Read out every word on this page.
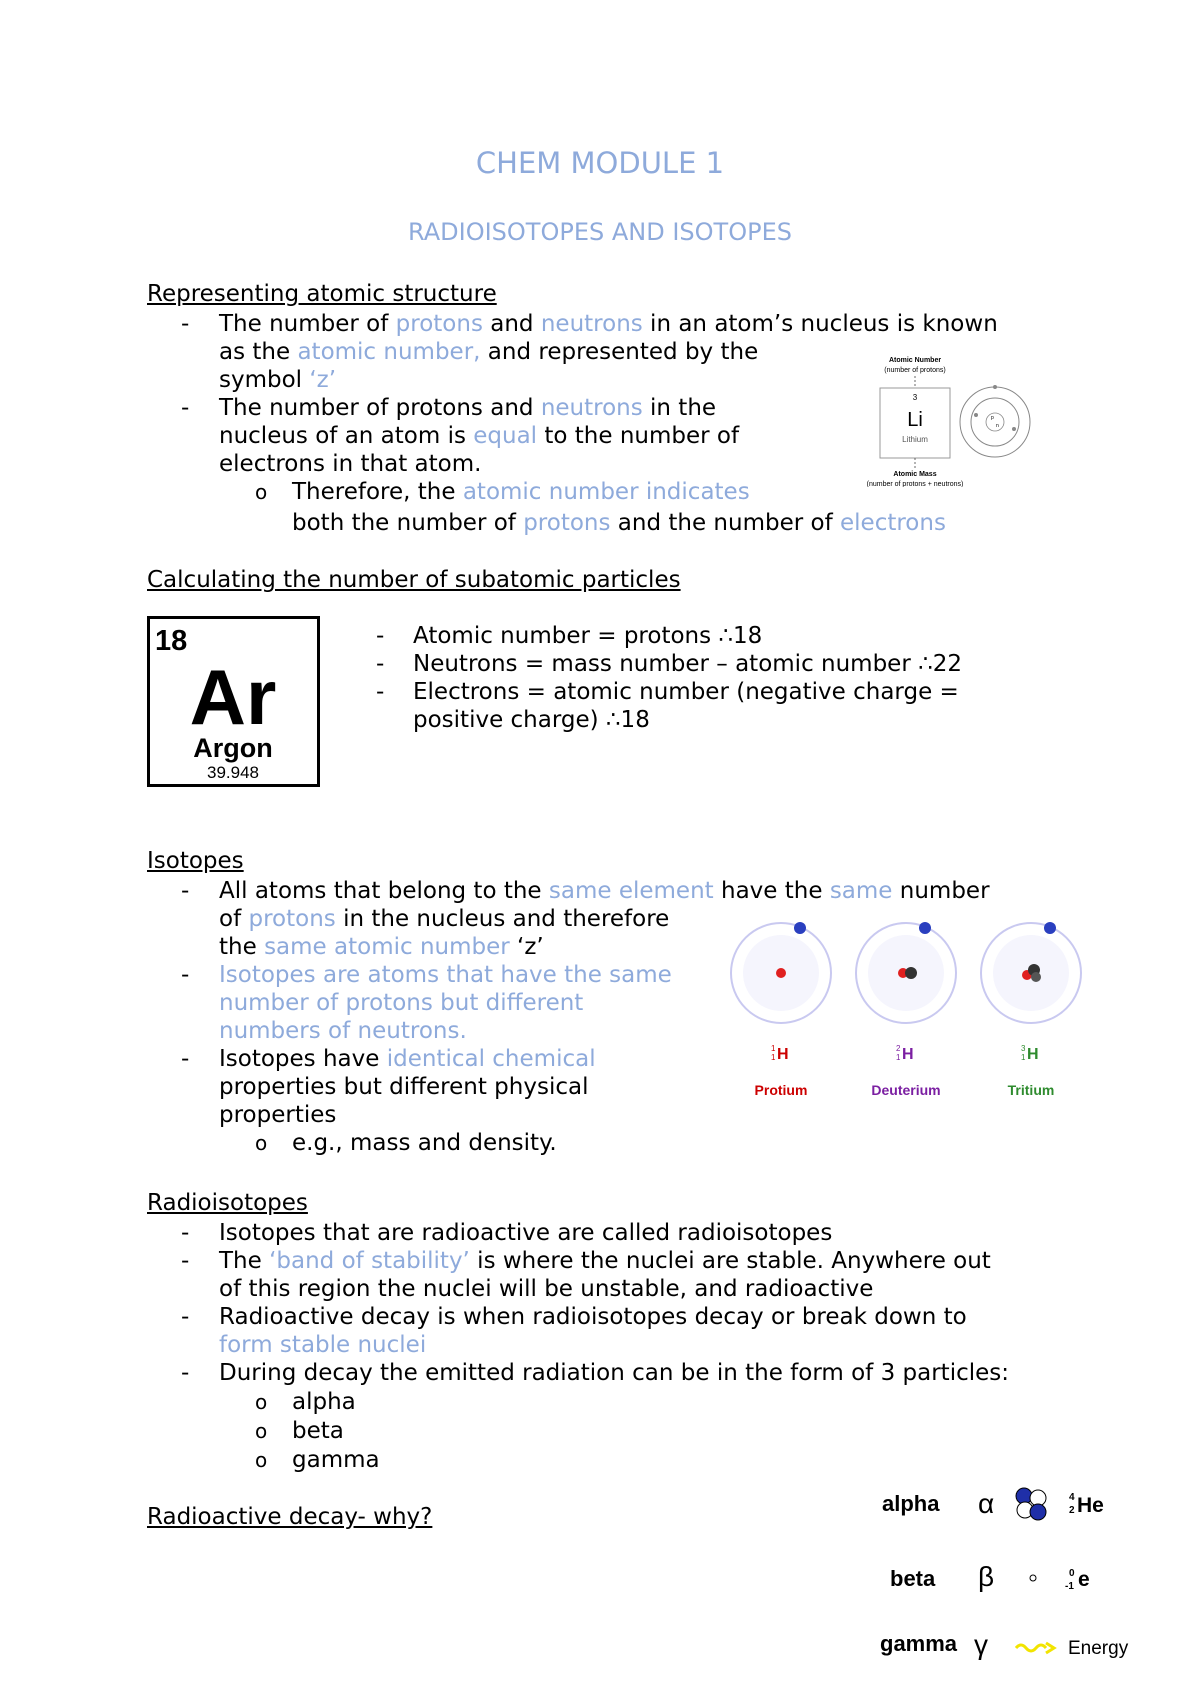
CHEM MODULE 1
RADIOISOTOPES AND ISOTOPES
Representing atomic structure
- The number of protons and neutrons in an atom’s nucleus is known
as the atomic number, and represented by the
symbol ‘z’
- The number of protons and neutrons in the
nucleus of an atom is equal to the number of
electrons in that atom.
o Therefore, the atomic number indicates
both the number of protons and the number of electrons
Atomic Number
(number of protons)
3
Li
Lithium
Atomic Mass
(number of protons + neutrons)
p
n
Calculating the number of subatomic particles
18
Ar
Argon
39.948
- Atomic number = protons ∴18
- Neutrons = mass number – atomic number ∴22
- Electrons = atomic number (negative charge =
positive charge) ∴18
Isotopes
- All atoms that belong to the same element have the same number
of protons in the nucleus and therefore
the same atomic number ‘z’
- Isotopes are atoms that have the same
number of protons but different
numbers of neutrons.
- Isotopes have identical chemical
properties but different physical
properties
o e.g., mass and density.
1
1 H
Protium
2
1 H
Deuterium
3
1 H
Tritium
Radioisotopes
- Isotopes that are radioactive are called radioisotopes
- The ‘band of stability’ is where the nuclei are stable. Anywhere out
of this region the nuclei will be unstable, and radioactive
- Radioactive decay is when radioisotopes decay or break down to
form stable nuclei
- During decay the emitted radiation can be in the form of 3 particles:
o alpha
o beta
o gamma
Radioactive decay- why?
alpha α	4
2 He
beta β	0
-1 e
gamma γ	Energy
